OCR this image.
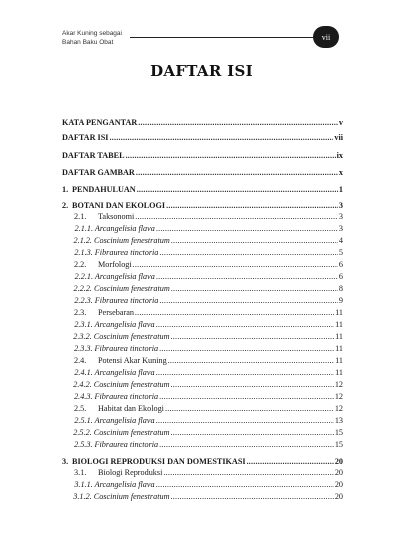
Akar Kuning sebagai
Bahan Baku Obat
vii
DAFTAR ISI
KATA PENGANTAR .....	v
DAFTAR ISI .....	vii
DAFTAR TABEL .....	ix
DAFTAR GAMBAR .....	x
1. PENDAHULUAN .....	1
2. BOTANI DAN EKOLOGI .....	3
2.1.	Taksonomi .....	3
2.1.1. Arcangelisia flava .....	3
2.1.2. Coscinium fenestratum .....	4
2.1.3. Fibraurea tinctoria .....	5
2.2.	Morfologi .....	6
2.2.1. Arcangelisia flava .....	6
2.2.2. Coscinium fenestratum .....	8
2.2.3. Fibraurea tinctoria .....	9
2.3.	Persebaran .....	11
2.3.1. Arcangelisia flava .....	11
2.3.2. Coscinium fenestratum .....	11
2.3.3. Fibraurea tinctoria .....	11
2.4.	Potensi Akar Kuning .....	11
2.4.1. Arcangelisia flava .....	11
2.4.2. Coscinium fenestratum .....	12
2.4.3. Fibraurea tinctoria .....	12
2.5.	Habitat dan Ekologi .....	12
2.5.1. Arcangelisia flava .....	13
2.5.2. Coscinium fenestratum .....	15
2.5.3. Fibraurea tinctoria .....	15
3. BIOLOGI REPRODUKSI DAN DOMESTIKASI .....	20
3.1.	Biologi Reproduksi .....	20
3.1.1. Arcangelisia flava .....	20
3.1.2. Coscinium fenestratum .....	20
